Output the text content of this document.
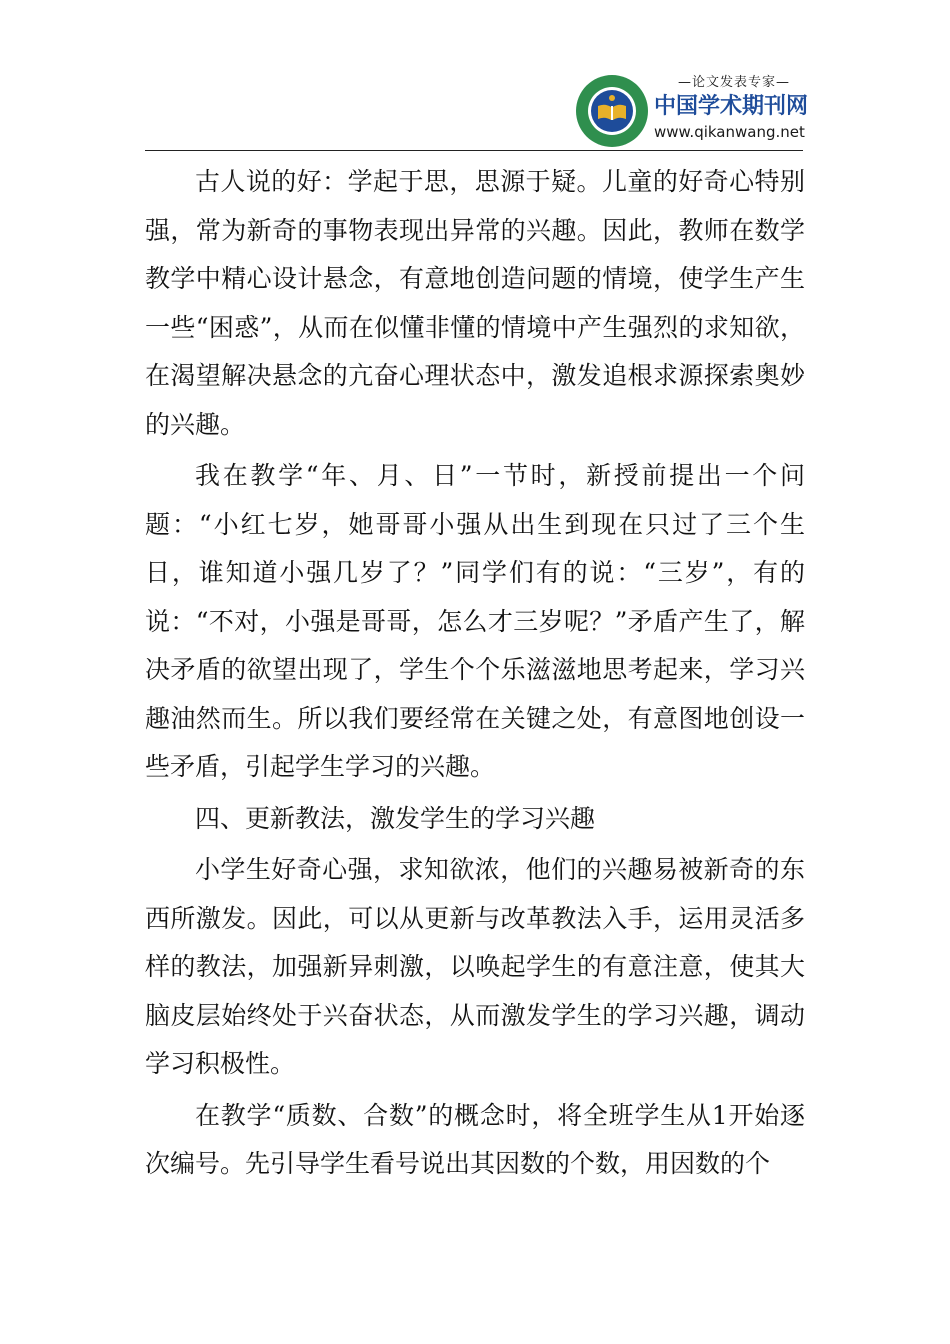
—论文发表专家—
中国学术期刊网
www.qikanwang.net

古人说的好：学起于思，思源于疑。儿童的好奇心特别强，常为新奇的事物表现出异常的兴趣。因此，教师在数学教学中精心设计悬念，有意地创造问题的情境，使学生产生一些“困惑”，从而在似懂非懂的情境中产生强烈的求知欲，在渴望解决悬念的亢奋心理状态中，激发追根求源探索奥妙的兴趣。

我在教学“年、月、日”一节时，新授前提出一个问题：“小红七岁，她哥哥小强从出生到现在只过了三个生日，谁知道小强几岁了？”同学们有的说：“三岁”，有的说：“不对，小强是哥哥，怎么才三岁呢？”矛盾产生了，解决矛盾的欲望出现了，学生个个乐滋滋地思考起来，学习兴趣油然而生。所以我们要经常在关键之处，有意图地创设一些矛盾，引起学生学习的兴趣。

四、更新教法，激发学生的学习兴趣

小学生好奇心强，求知欲浓，他们的兴趣易被新奇的东西所激发。因此，可以从更新与改革教法入手，运用灵活多样的教法，加强新异刺激，以唤起学生的有意注意，使其大脑皮层始终处于兴奋状态，从而激发学生的学习兴趣，调动学习积极性。

在教学“质数、合数”的概念时，将全班学生从1开始逐次编号。先引导学生看号说出其因数的个数，用因数的个
